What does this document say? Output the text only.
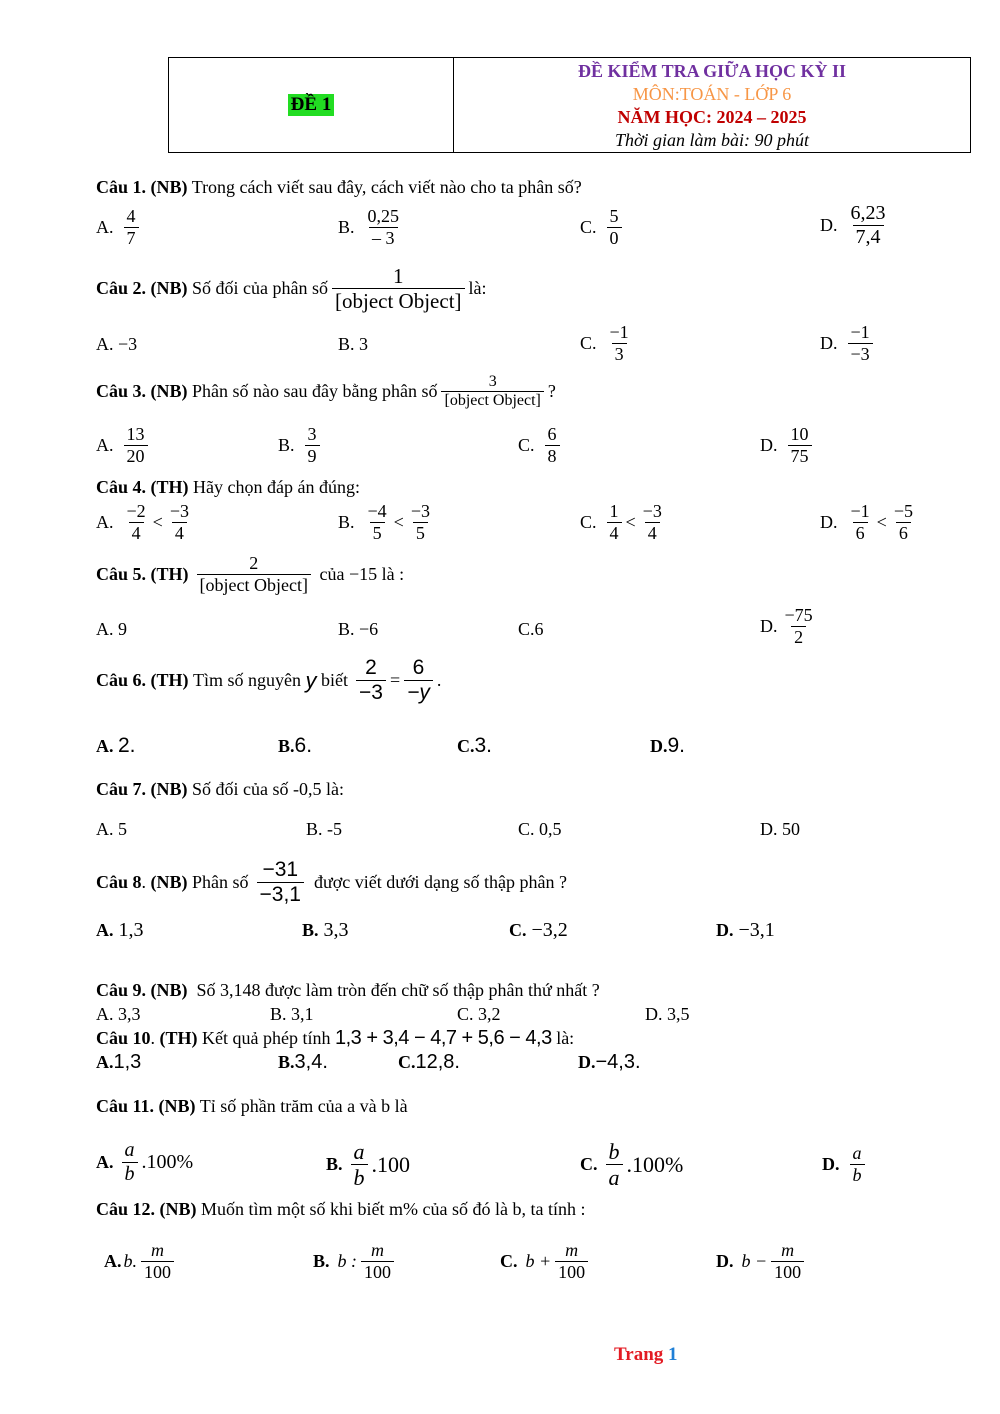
ĐỀ 1
ĐỀ KIỂM TRA GIỮA HỌC KỲ II
MÔN:TOÁN - LỚP 6
NĂM HỌC: 2024 – 2025
Thời gian làm bài: 90 phút
Câu 1. (NB) Trong cách viết sau đây, cách viết nào cho ta phân số?
A. $\frac{4}{7}$	B. $\frac{0,25}{- 3}$	C. $\frac{5}{0}$	D. $\frac{6,23}{7,4}$
Câu 2.
(NB)
Số đối của phân số $\frac{1}{\text{[object Object]}}$ là:
A. −3	B. 3	C. $\frac{-1}{3}$	D. $\frac{-1}{-3}$
Câu 3.
(NB)
Phân số nào sau đây bằng phân số $\frac{3}{\text{[object Object]}}$ ?
A. $\frac{13}{20}$	B. $\frac{3}{9}$	C. $\frac{6}{8}$	D. $\frac{10}{75}$
Câu 4. (TH) Hãy chọn đáp án đúng:
A. $\frac{-2}{4} < \frac{-3}{4}$	B. $\frac{-4}{5} < \frac{-3}{5}$	C. $\frac{1}{4} < \frac{-3}{4}$	D. $\frac{-1}{6} < \frac{-5}{6}$
Câu 5.
$(TH) \frac{2}{\text{[object Object]}}$
của −15 là :
A. 9	B. −6	C.6	D. $\frac{-75}{2}$
Câu 6.
(TH)
Tìm số nguyên
y
biết $\frac{2}{-3} = \frac{6}{-y}$ .
A.
2.	B. 6.	C. 3.	D. 9.
Câu 7. (NB) Số đối của số -0,5 là:
A. 5	B. -5	C. 0,5	D. 50
Câu 8 . (NB)
Phân số $\frac{-31}{-3,1}$ được viết dưới dạng số thập phân ?
A.
1,3	B.
3,3	C.
−3,2	D.
−3,1
Câu 9. (NB) Số 3,148 được làm tròn đến chữ số thập phân thứ nhất ?
A. 3,3	B. 3,1	C. 3,2	D. 3,5
Câu 10 . (TH)
Kết quả phép tính
1,3 + 3,4 − 4,7 + 5,6 − 4,3
là:
A. 1,3	B. 3,4.	C. 12,8.	D. −4,3.
Câu 11. (NB) Tỉ số phần trăm của a và b là
A. $\frac{a}{b} .100\%$	B. $\frac{a}{b} .100$	C. $\frac{b}{a} .100\%$	D. $\frac{a}{b}$
Câu 12. (NB) Muốn tìm một số khi biết m% của số đó là b, ta tính :
A. b. $\frac{m}{100}$	B. b : $\frac{m}{100}$	C. $b + \frac{m}{100}$	D. $b - \frac{m}{100}$
Trang 1
